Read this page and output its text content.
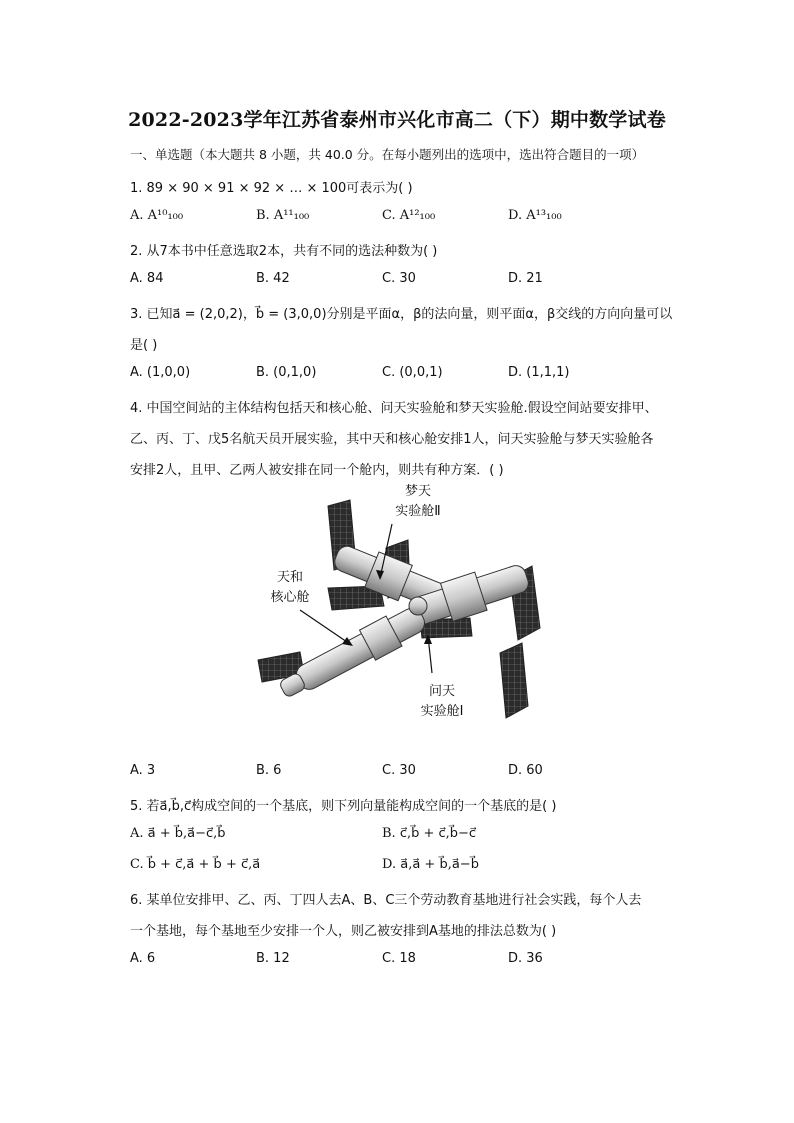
2022-2023学年江苏省泰州市兴化市高二（下）期中数学试卷
一、单选题（本大题共 8 小题，共 40.0 分。在每小题列出的选项中，选出符合题目的一项）
1. 89 × 90 × 91 × 92 × … × 100可表示为( )
A. A¹⁰₁₀₀	B. A¹¹₁₀₀	C. A¹²₁₀₀	D. A¹³₁₀₀
2. 从7本书中任意选取2本，共有不同的选法种数为( )
A. 84	B. 42	C. 30	D. 21
3. 已知a⃗ = (2,0,2)，b⃗ = (3,0,0)分别是平面α，β的法向量，则平面α，β交线的方向向量可以
是( )
A. (1,0,0)	B. (0,1,0)	C. (0,0,1)	D. (1,1,1)
4. 中国空间站的主体结构包括天和核心舱、问天实验舱和梦天实验舱.假设空间站要安排甲、
乙、丙、丁、戊5名航天员开展实验，其中天和核心舱安排1人，问天实验舱与梦天实验舱各
安排2人，且甲、乙两人被安排在同一个舱内，则共有种方案．( )
梦天
实验舱Ⅱ
天和
核心舱
问天
实验舱Ⅰ
A. 3	B. 6	C. 30	D. 60
5. 若a⃗,b⃗,c⃗构成空间的一个基底，则下列向量能构成空间的一个基底的是( )
A. a⃗ + b⃗,a⃗−c⃗,b⃗	B. c⃗,b⃗ + c⃗,b⃗−c⃗
C. b⃗ + c⃗,a⃗ + b⃗ + c⃗,a⃗	D. a⃗,a⃗ + b⃗,a⃗−b⃗
6. 某单位安排甲、乙、丙、丁四人去A、B、C三个劳动教育基地进行社会实践，每个人去
一个基地，每个基地至少安排一个人，则乙被安排到A基地的排法总数为( )
A. 6	B. 12	C. 18	D. 36
